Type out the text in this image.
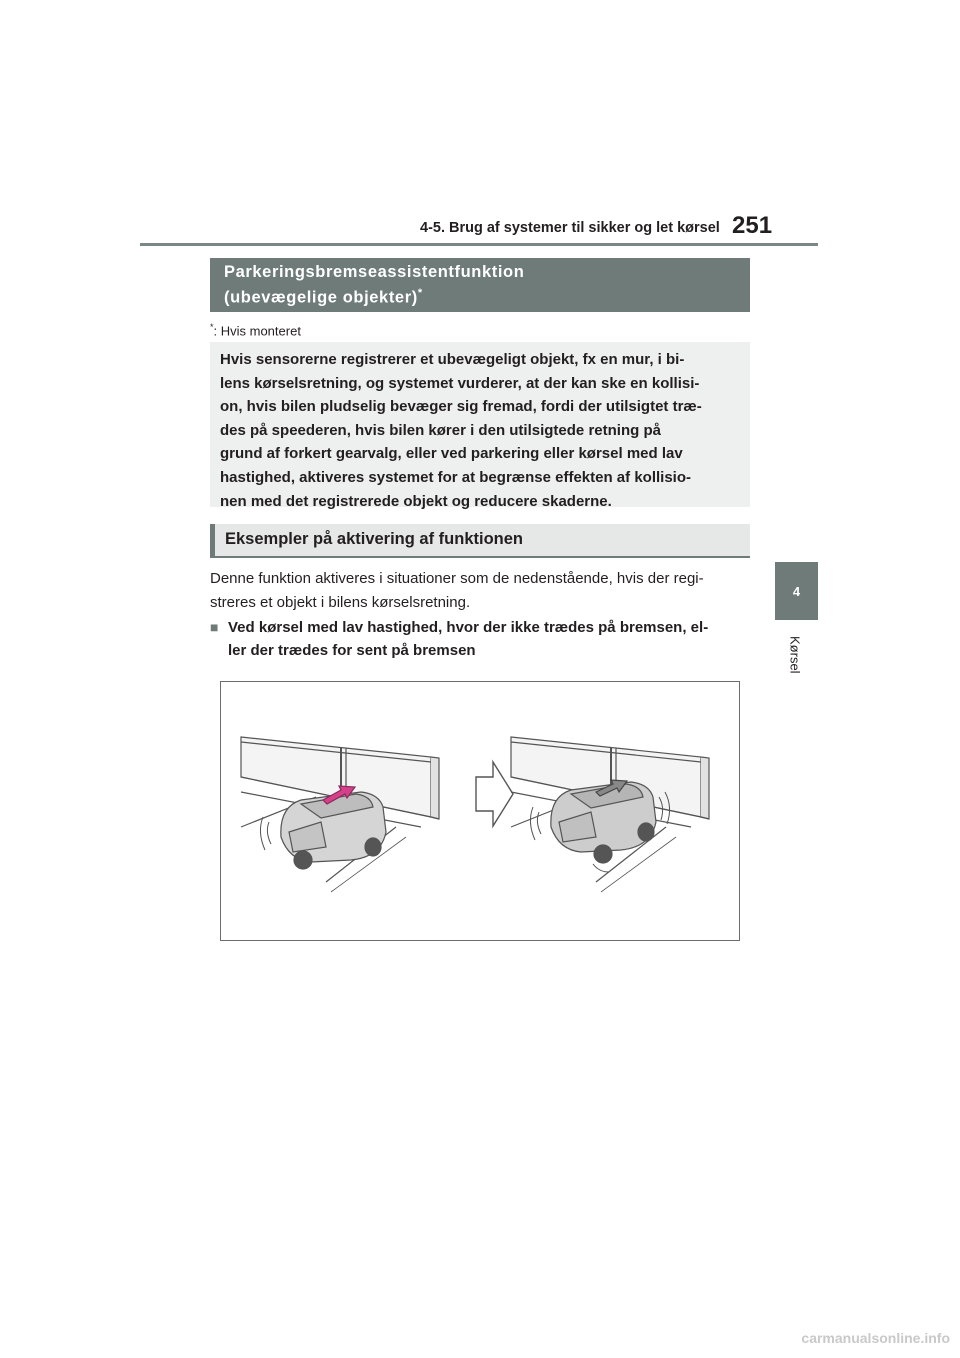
4-5. Brug af systemer til sikker og let kørsel 251
4
Kørsel
Parkeringsbremseassistentfunktion
(ubevægelige objekter)*
*: Hvis monteret
Hvis sensorerne registrerer et ubevægeligt objekt, fx en mur, i bi-
lens kørselsretning, og systemet vurderer, at der kan ske en kollisi-
on, hvis bilen pludselig bevæger sig fremad, fordi der utilsigtet træ-
des på speederen, hvis bilen kører i den utilsigtede retning på
grund af forkert gearvalg, eller ved parkering eller kørsel med lav
hastighed, aktiveres systemet for at begrænse effekten af kollisio-
nen med det registrerede objekt og reducere skaderne.
Eksempler på aktivering af funktionen
Denne funktion aktiveres i situationer som de nedenstående, hvis der regi-
streres et objekt i bilens kørselsretning.
■ Ved kørsel med lav hastighed, hvor der ikke trædes på bremsen, el-
ler der trædes for sent på bremsen
carmanualsonline.info
